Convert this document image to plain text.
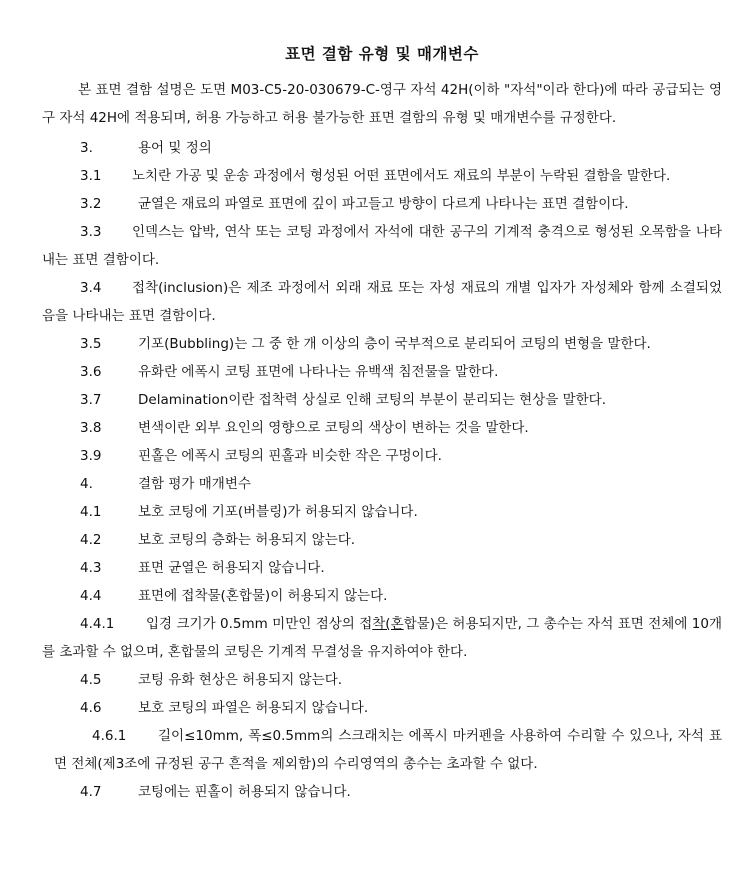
표면 결함 유형 및 매개변수

본 표면 결함 설명은 도면 M03-C5-20-030679-C-영구 자석 42H(이하 "자석"이라 한다)에 따라 공급되는 영구 자석 42H에 적용되며, 허용 가능하고 허용 불가능한 표면 결함의 유형 및 매개변수를 규정한다.

3.	용어 및 정의

3.1 노치란 가공 및 운송 과정에서 형성된 어떤 표면에서도 재료의 부분이 누락된 결함을 말한다.

3.2	균열은 재료의 파열로 표면에 깊이 파고들고 방향이 다르게 나타나는 표면 결함이다.

3.3 인덱스는 압박, 연삭 또는 코팅 과정에서 자석에 대한 공구의 기계적 충격으로 형성된 오목함을 나타내는 표면 결함이다.

3.4 접착(inclusion)은 제조 과정에서 외래 재료 또는 자성 재료의 개별 입자가 자성체와 함께 소결되었음을 나타내는 표면 결함이다.

3.5	기포(Bubbling)는 그 중 한 개 이상의 층이 국부적으로 분리되어 코팅의 변형을 말한다.

3.6	유화란 에폭시 코팅 표면에 나타나는 유백색 침전물을 말한다.

3.7	Delamination이란 접착력 상실로 인해 코팅의 부분이 분리되는 현상을 말한다.

3.8	변색이란 외부 요인의 영향으로 코팅의 색상이 변하는 것을 말한다.

3.9	핀홀은 에폭시 코팅의 핀홀과 비슷한 작은 구멍이다.

4.	결함 평가 매개변수

4.1	보호 코팅에 기포(버블링)가 허용되지 않습니다.

4.2	보호 코팅의 층화는 허용되지 않는다.

4.3	표면 균열은 허용되지 않습니다.

4.4	표면에 접착물(혼합물)이 허용되지 않는다.

4.4.1 입경 크기가 0.5mm 미만인 점상의 접착(혼합물)은 허용되지만, 그 총수는 자석 표면 전체에 10개를 초과할 수 없으며, 혼합물의 코팅은 기계적 무결성을 유지하여야 한다.

4.5	코팅 유화 현상은 허용되지 않는다.

4.6	보호 코팅의 파열은 허용되지 않습니다.

4.6.1 길이≤10mm, 폭≤0.5mm의 스크래치는 에폭시 마커펜을 사용하여 수리할 수 있으나, 자석 표면 전체(제3조에 규정된 공구 흔적을 제외함)의 수리영역의 총수는 초과할 수 없다.

4.7	코팅에는 핀홀이 허용되지 않습니다.
